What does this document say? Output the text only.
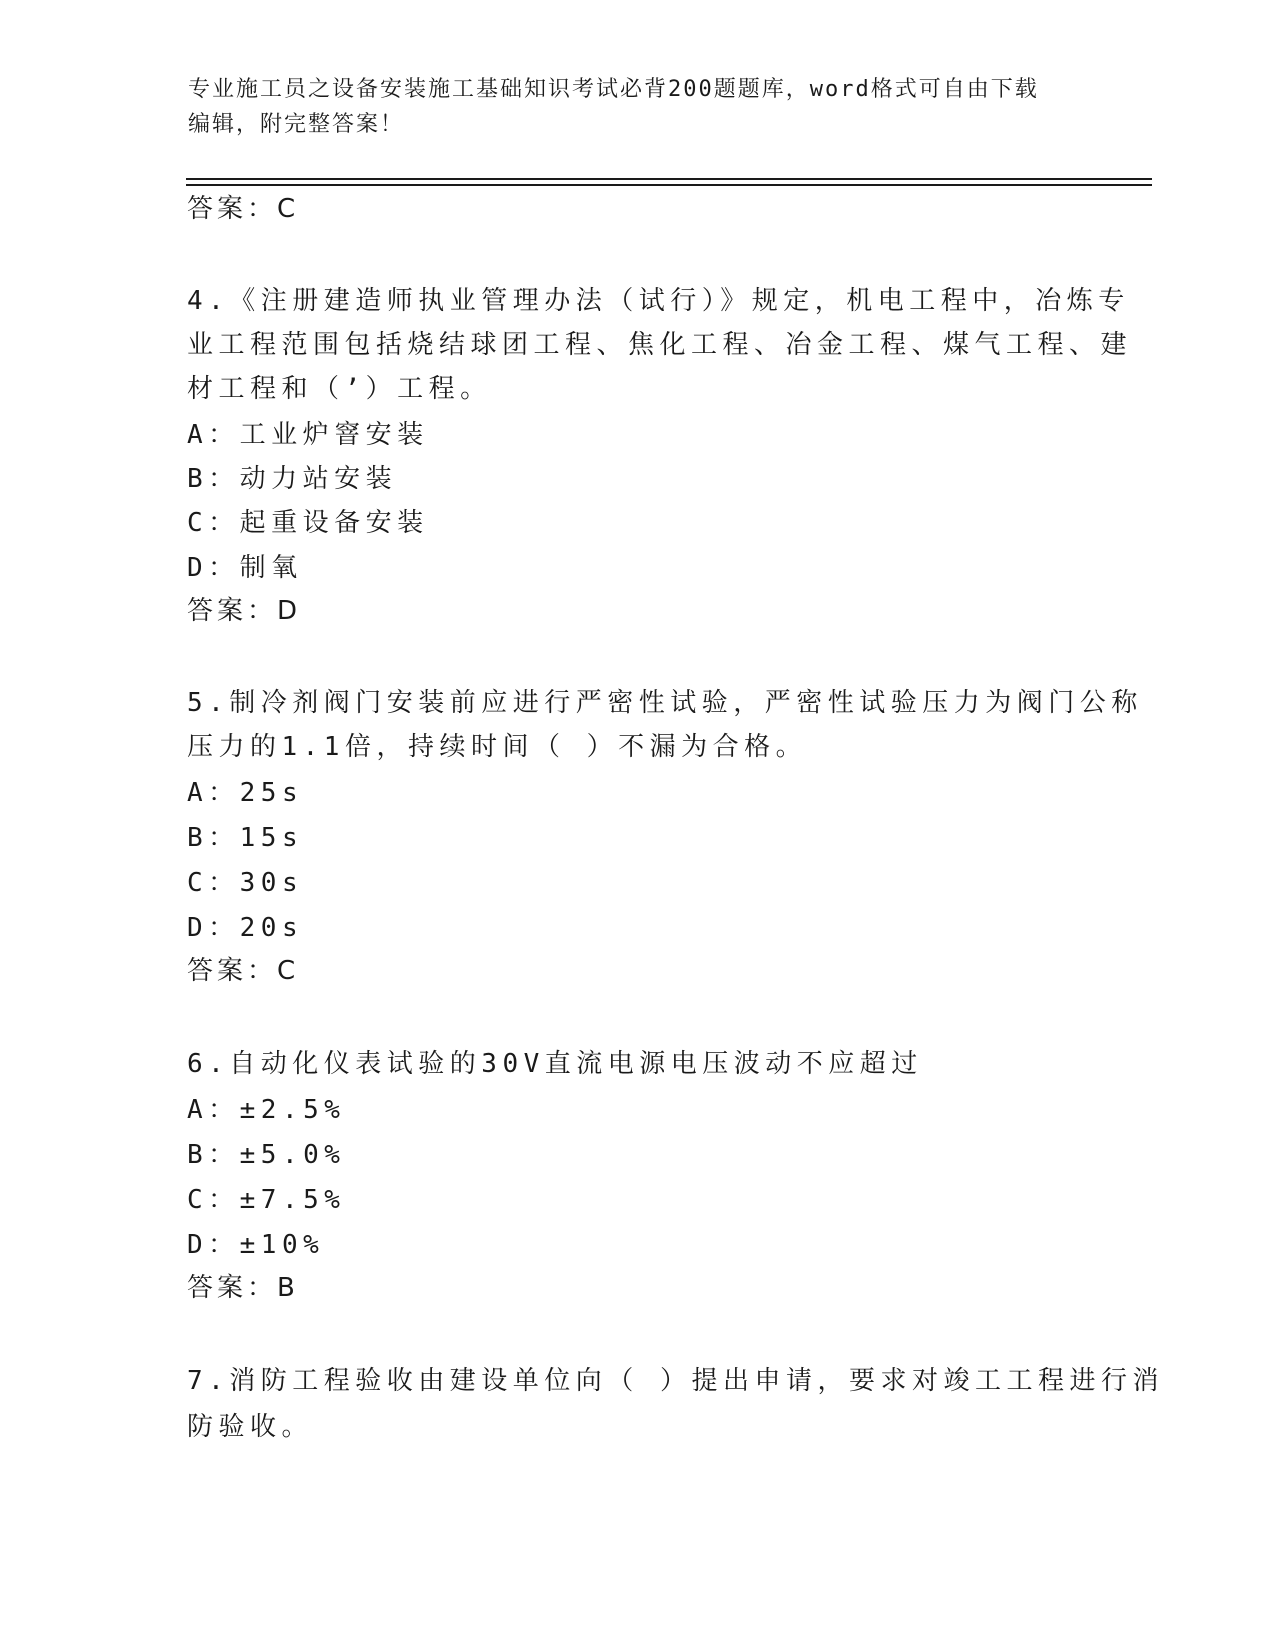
专业施工员之设备安装施工基础知识考试必背200题题库，word格式可自由下载
编辑，附完整答案！
答案：C
4.《注册建造师执业管理办法（试行）》规定，机电工程中，冶炼专
业工程范围包括烧结球团工程、焦化工程、冶金工程、煤气工程、建
材工程和（’）工程。
A：工业炉窨安装
B：动力站安装
C：起重设备安装
D：制氧
答案：D
5.制冷剂阀门安装前应进行严密性试验，严密性试验压力为阀门公称
压力的1.1倍，持续时间（ ）不漏为合格。
A：25s
B：15s
C：30s
D：20s
答案：C
6.自动化仪表试验的30V直流电源电压波动不应超过
A：±2.5%
B：±5.0%
C：±7.5%
D：±10%
答案：B
7.消防工程验收由建设单位向（ ）提出申请，要求对竣工工程进行消
防验收。
